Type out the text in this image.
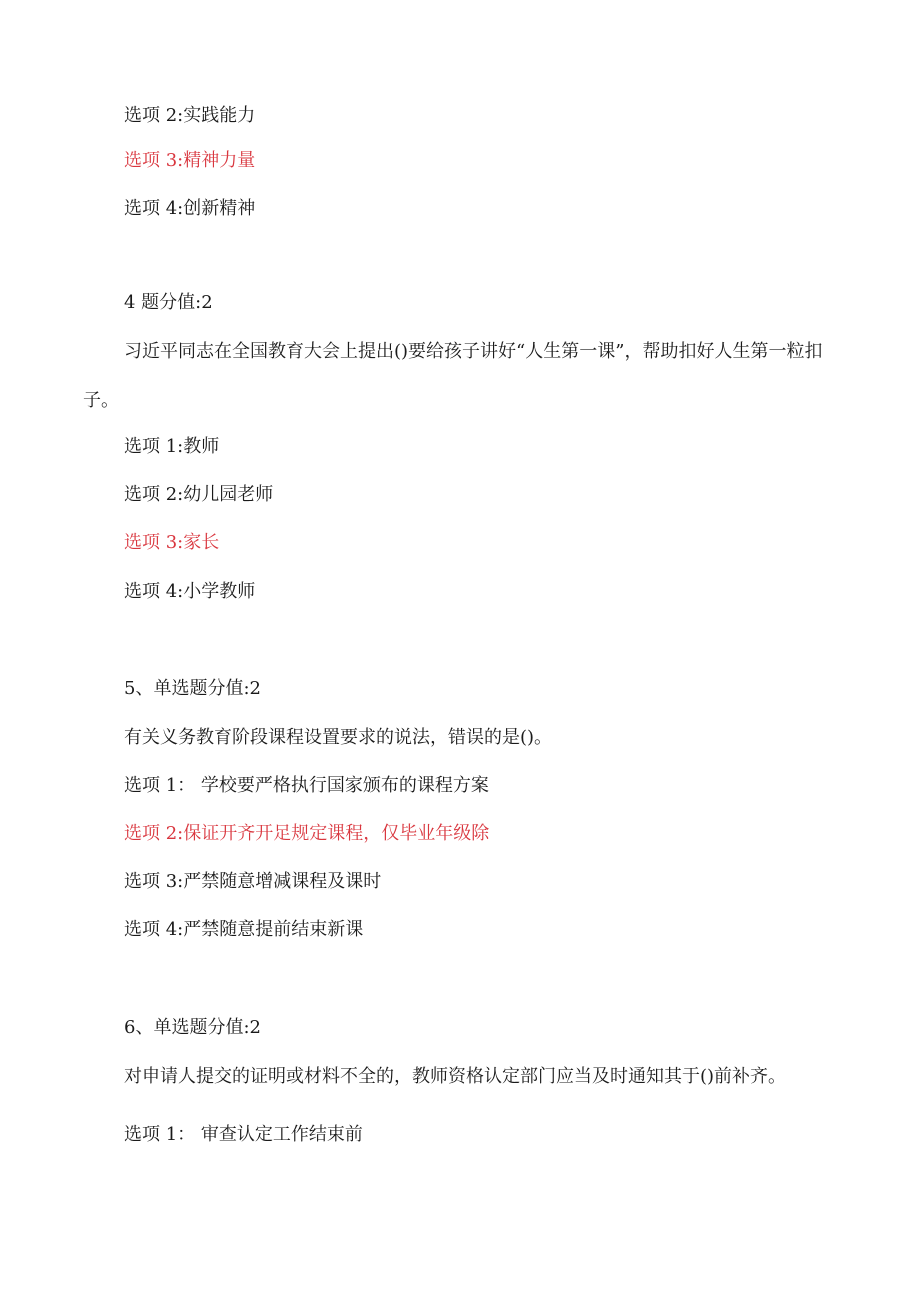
选项 2:实践能力
选项 3:精神力量
选项 4:创新精神
4 题分值:2
习近平同志在全国教育大会上提出()要给孩子讲好“人生第一课”，帮助扣好人生第一粒扣子。
选项 1:教师
选项 2:幼儿园老师
选项 3:家长
选项 4:小学教师
5、单选题分值:2
有关义务教育阶段课程设置要求的说法，错误的是()。
选项 1： 学校要严格执行国家颁布的课程方案
选项 2:保证开齐开足规定课程，仅毕业年级除
选项 3:严禁随意增减课程及课时
选项 4:严禁随意提前结束新课
6、单选题分值:2
对申请人提交的证明或材料不全的，教师资格认定部门应当及时通知其于()前补齐。
选项 1： 审查认定工作结束前
